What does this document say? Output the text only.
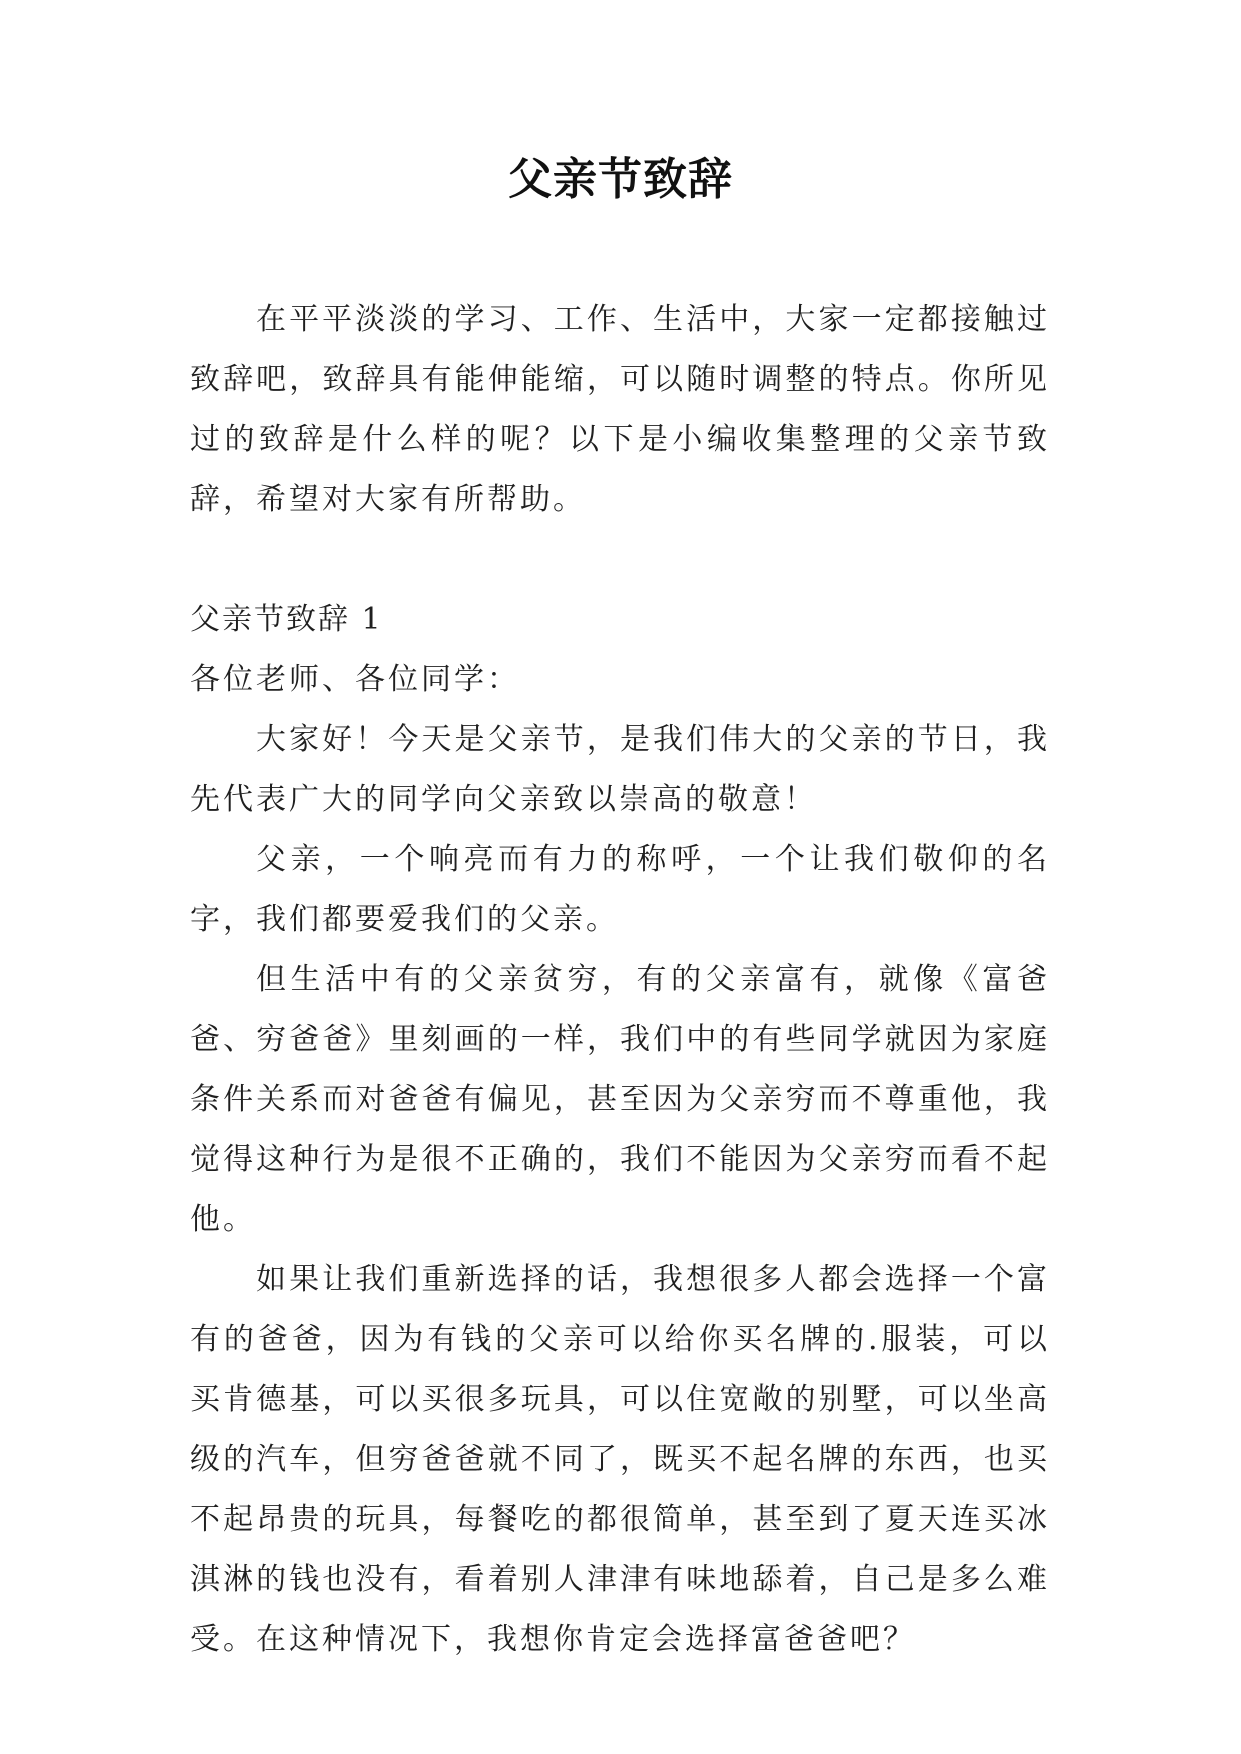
父亲节致辞

在平平淡淡的学习、工作、生活中，大家一定都接触过致辞吧，致辞具有能伸能缩，可以随时调整的特点。你所见过的致辞是什么样的呢？以下是小编收集整理的父亲节致辞，希望对大家有所帮助。

父亲节致辞 1

各位老师、各位同学：

大家好！今天是父亲节，是我们伟大的父亲的节日，我先代表广大的同学向父亲致以崇高的敬意！

父亲，一个响亮而有力的称呼，一个让我们敬仰的名字，我们都要爱我们的父亲。

但生活中有的父亲贫穷，有的父亲富有，就像《富爸爸、穷爸爸》里刻画的一样，我们中的有些同学就因为家庭条件关系而对爸爸有偏见，甚至因为父亲穷而不尊重他，我觉得这种行为是很不正确的，我们不能因为父亲穷而看不起他。

如果让我们重新选择的话，我想很多人都会选择一个富有的爸爸，因为有钱的父亲可以给你买名牌的.服装，可以买肯德基，可以买很多玩具，可以住宽敞的别墅，可以坐高级的汽车，但穷爸爸就不同了，既买不起名牌的东西，也买不起昂贵的玩具，每餐吃的都很简单，甚至到了夏天连买冰淇淋的钱也没有，看着别人津津有味地舔着，自己是多么难受。在这种情况下，我想你肯定会选择富爸爸吧？
